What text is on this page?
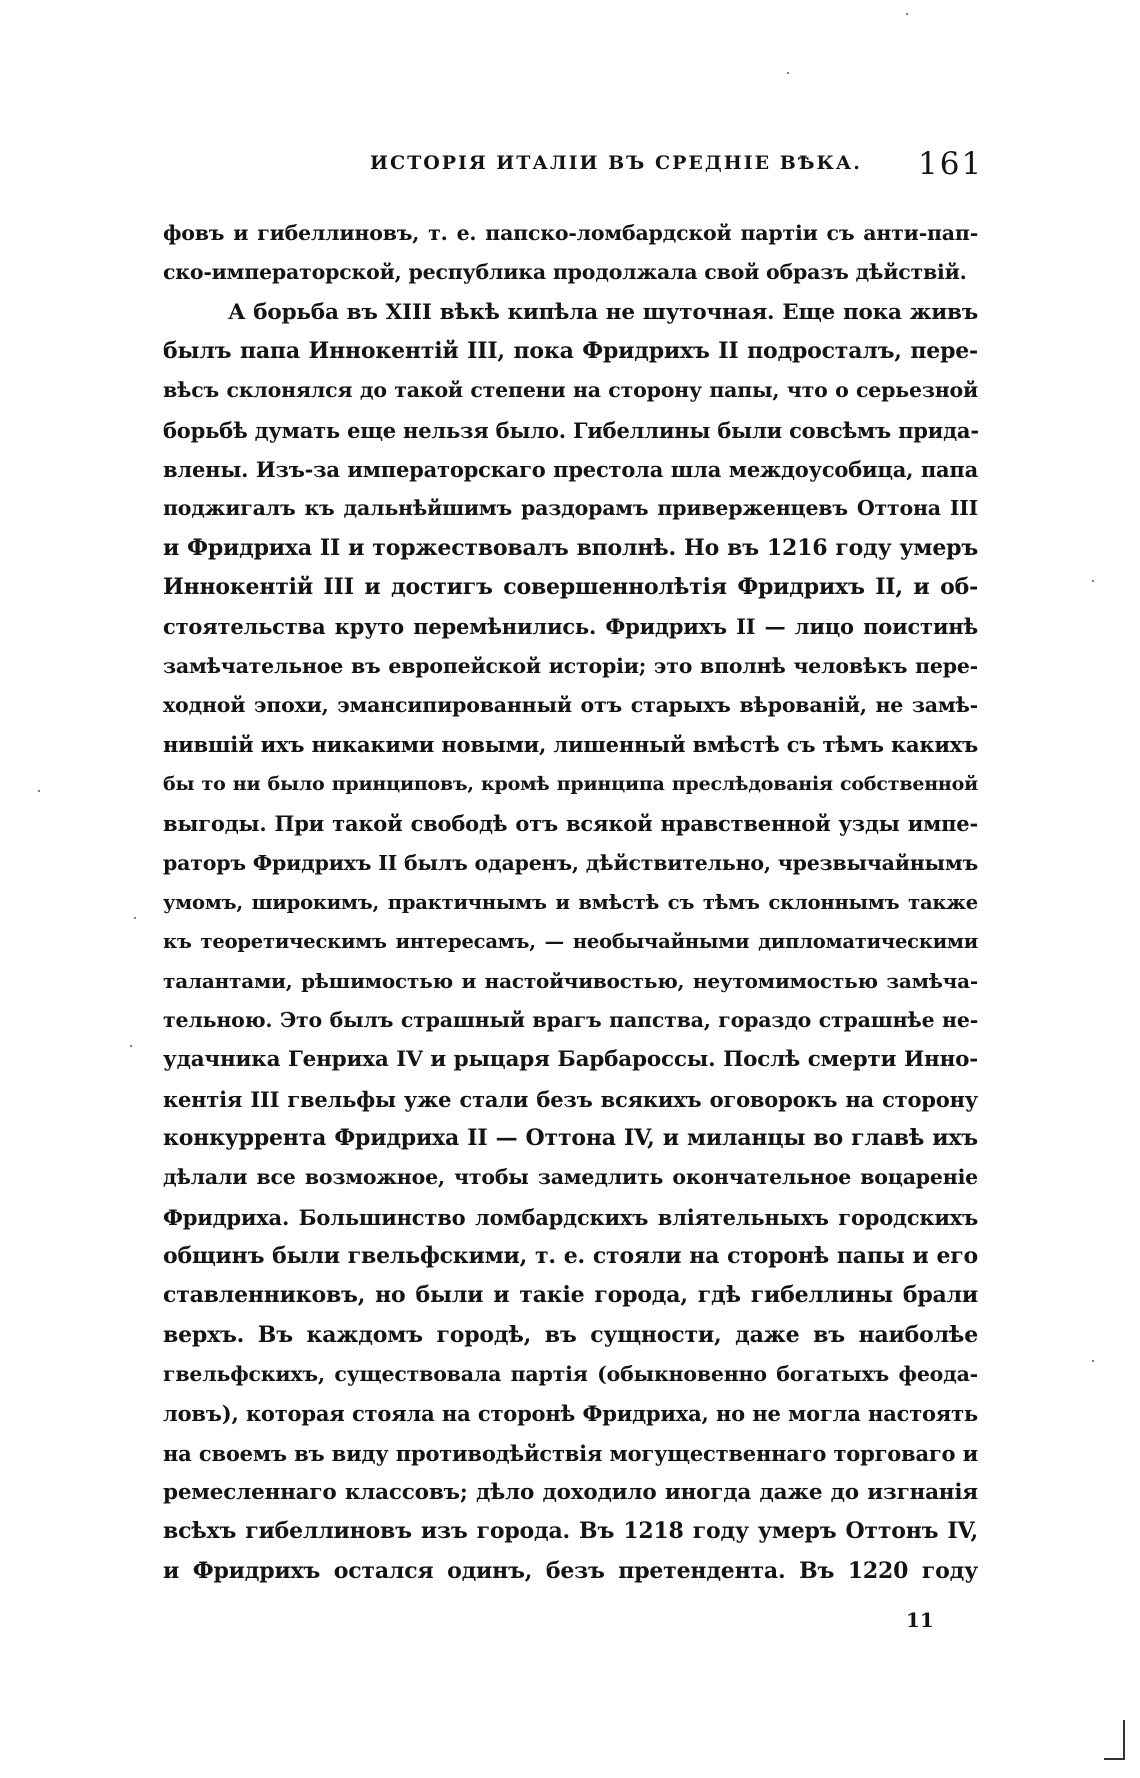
ИСТОРІЯ ИТАЛІИ ВЪ СРЕДНІЕ ВѢКА. 161
фовъ и гибеллиновъ, т. е. папско-ломбардской партіи съ анти-пап-
ско-императорской, республика продолжала свой образъ дѣйствій.
А борьба въ XIII вѣкѣ кипѣла не шуточная. Еще пока живъ
былъ папа Иннокентій III, пока Фридрихъ II подросталъ, пере-
вѣсъ склонялся до такой степени на сторону папы, что о серьезной
борьбѣ думать еще нельзя было. Гибеллины были совсѣмъ прида-
влены. Изъ-за императорскаго престола шла междоусобица, папа
поджигалъ къ дальнѣйшимъ раздорамъ приверженцевъ Оттона III
и Фридриха II и торжествовалъ вполнѣ. Но въ 1216 году умеръ
Иннокентій III и достигъ совершеннолѣтія Фридрихъ II, и об-
стоятельства круто перемѣнились. Фридрихъ II — лицо поистинѣ
замѣчательное въ европейской исторіи; это вполнѣ человѣкъ пере-
ходной эпохи, эмансипированный отъ старыхъ вѣрованій, не замѣ-
нившій ихъ никакими новыми, лишенный вмѣстѣ съ тѣмъ какихъ
бы то ни было принциповъ, кромѣ принципа преслѣдованія собственной
выгоды. При такой свободѣ отъ всякой нравственной узды импе-
раторъ Фридрихъ II былъ одаренъ, дѣйствительно, чрезвычайнымъ
умомъ, широкимъ, практичнымъ и вмѣстѣ съ тѣмъ склоннымъ также
къ теоретическимъ интересамъ, — необычайными дипломатическими
талантами, рѣшимостью и настойчивостью, неутомимостью замѣча-
тельною. Это былъ страшный врагъ папства, гораздо страшнѣе не-
удачника Генриха IV и рыцаря Барбароссы. Послѣ смерти Инно-
кентія III гвельфы уже стали безъ всякихъ оговорокъ на сторону
конкуррента Фридриха II — Оттона IV, и миланцы во главѣ ихъ
дѣлали все возможное, чтобы замедлить окончательное воцареніе
Фридриха. Большинство ломбардскихъ вліятельныхъ городскихъ
общинъ были гвельфскими, т. е. стояли на сторонѣ папы и его
ставленниковъ, но были и такіе города, гдѣ гибеллины брали
верхъ. Въ каждомъ городѣ, въ сущности, даже въ наиболѣе
гвельфскихъ, существовала партія (обыкновенно богатыхъ феода-
ловъ), которая стояла на сторонѣ Фридриха, но не могла настоять
на своемъ въ виду противодѣйствія могущественнаго торговаго и
ремесленнаго классовъ; дѣло доходило иногда даже до изгнанія
всѣхъ гибеллиновъ изъ города. Въ 1218 году умеръ Оттонъ IV,
и Фридрихъ остался одинъ, безъ претендента. Въ 1220 году
11
